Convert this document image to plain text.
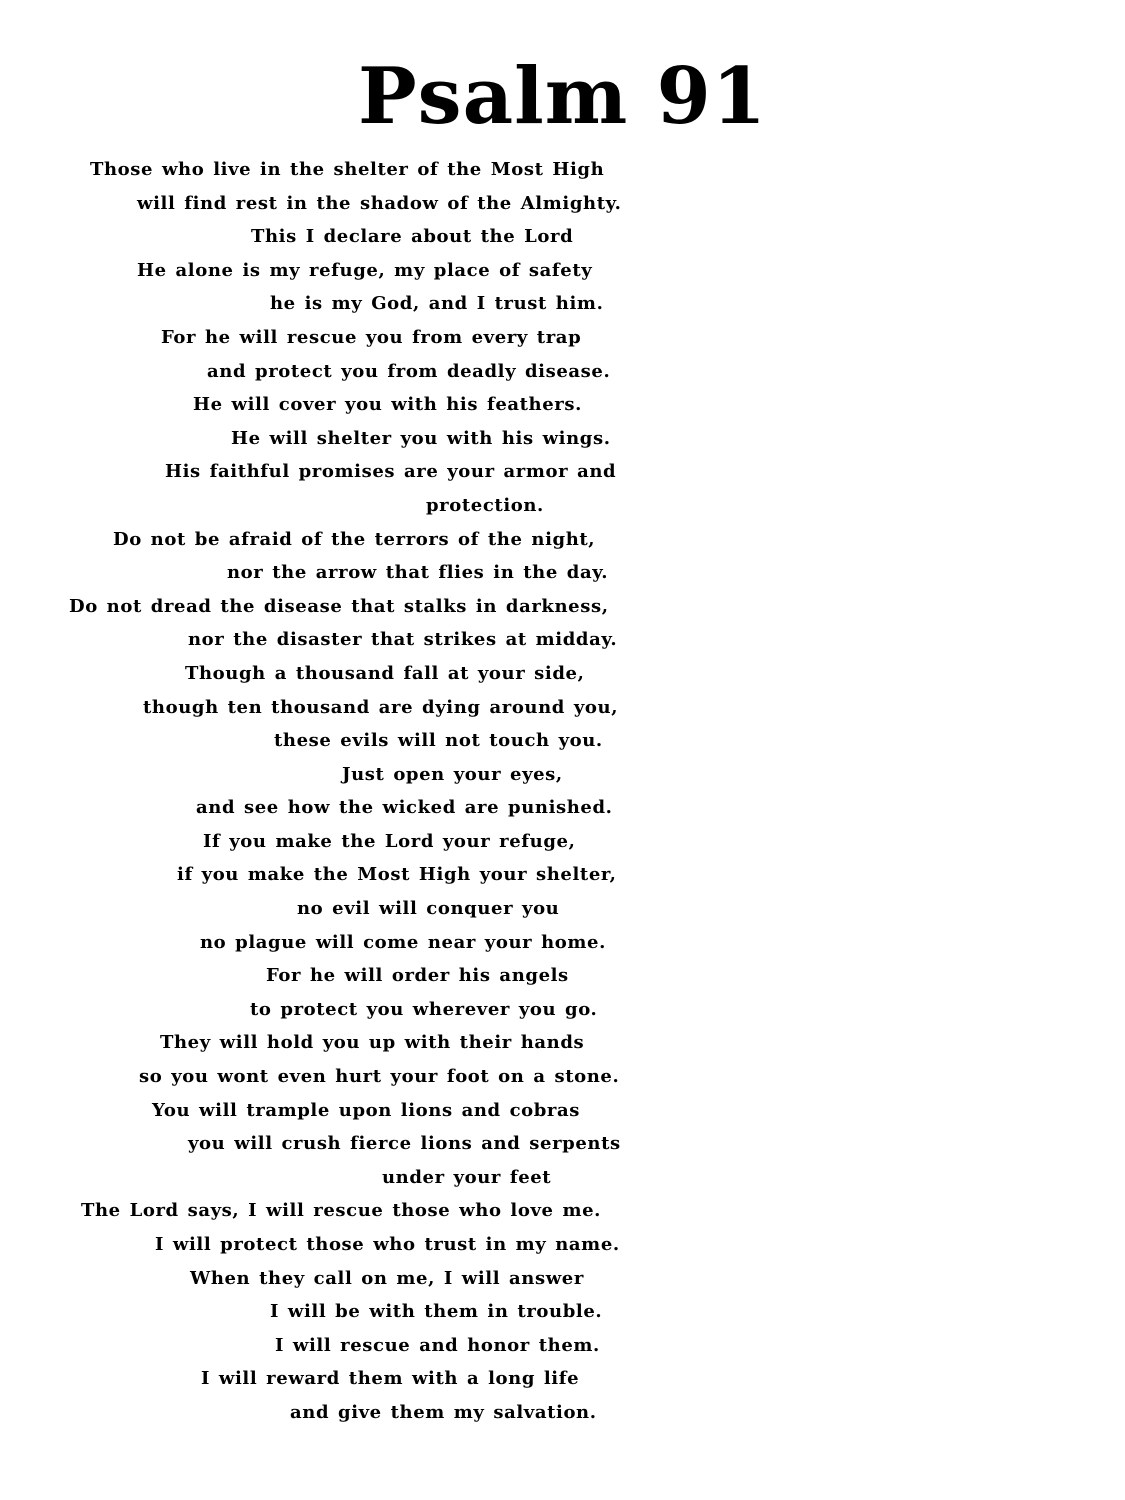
Psalm 91
Those who live in the shelter of the Most High
will find rest in the shadow of the Almighty.
This I declare about the Lord
He alone is my refuge, my place of safety
he is my God, and I trust him.
For he will rescue you from every trap
and protect you from deadly disease.
He will cover you with his feathers.
He will shelter you with his wings.
His faithful promises are your armor and
protection.
Do not be afraid of the terrors of the night,
nor the arrow that flies in the day.
Do not dread the disease that stalks in darkness,
nor the disaster that strikes at midday.
Though a thousand fall at your side,
though ten thousand are dying around you,
these evils will not touch you.
Just open your eyes,
and see how the wicked are punished.
If you make the Lord your refuge,
if you make the Most High your shelter,
no evil will conquer you
no plague will come near your home.
For he will order his angels
to protect you wherever you go.
They will hold you up with their hands
so you wont even hurt your foot on a stone.
You will trample upon lions and cobras
you will crush fierce lions and serpents
under your feet
The Lord says, I will rescue those who love me.
I will protect those who trust in my name.
When they call on me, I will answer
I will be with them in trouble.
I will rescue and honor them.
I will reward them with a long life
and give them my salvation.
